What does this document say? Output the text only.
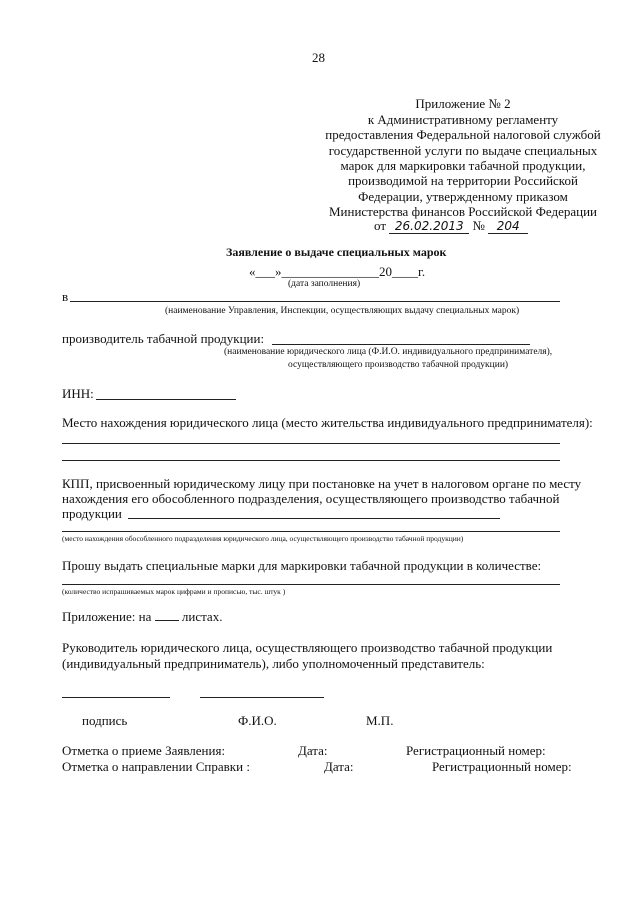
28
Приложение № 2
к Административному регламенту
предоставления Федеральной налоговой службой
государственной услуги по выдаче специальных
марок для маркировки табачной продукции,
производимой на территории Российской
Федерации, утвержденному приказом
Министерства финансов Российской Федерации
от 26.02.2013 № 204
Заявление о выдаче специальных марок
«___»_______________20____г.
(дата заполнения)
в
(наименование Управления, Инспекции, осуществляющих выдачу специальных марок)
производитель табачной продукции:
(наименование юридического лица (Ф.И.О. индивидуального предпринимателя),
осуществляющего производство табачной продукции)
ИНН:
Место нахождения юридического лица (место жительства индивидуального предпринимателя):
КПП, присвоенный юридическому лицу при постановке на учет в налоговом органе по месту
нахождения его обособленного подразделения, осуществляющего производство табачной
продукции
(место нахождения обособленного подразделения юридического лица, осуществляющего производство табачной продукции)
Прошу выдать специальные марки для маркировки табачной продукции в количестве:
(количество испрашиваемых марок цифрами и прописью, тыс. штук )
Приложение: на листах.
Руководитель юридического лица, осуществляющего производство табачной продукции
(индивидуальный предприниматель), либо уполномоченный представитель:
подпись	Ф.И.О.	М.П.
Отметка о приеме Заявления:	Дата:	Регистрационный номер:
Отметка о направлении Справки :	Дата:	Регистрационный номер:
